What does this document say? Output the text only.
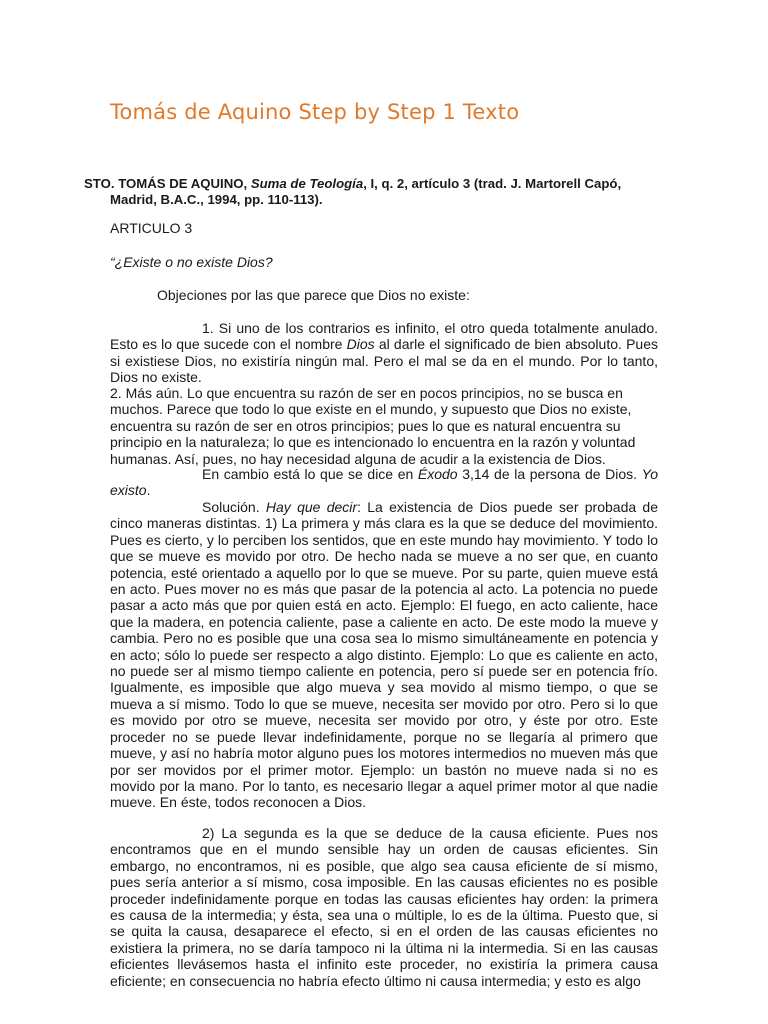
Tomás de Aquino Step by Step 1 Texto

STO. TOMÁS DE AQUINO, Suma de Teología, I, q. 2, artículo 3 (trad. J. Martorell Capó,
Madrid, B.A.C., 1994, pp. 110-113).

ARTICULO 3

“¿Existe o no existe Dios?

Objeciones por las que parece que Dios no existe:

1. Si uno de los contrarios es infinito, el otro queda totalmente anulado. Esto es lo que sucede con el nombre Dios al darle el significado de bien absoluto. Pues si existiese Dios, no existiría ningún mal. Pero el mal se da en el mundo. Por lo tanto, Dios no existe.

2. Más aún. Lo que encuentra su razón de ser en pocos principios, no se busca en muchos. Parece que todo lo que existe en el mundo, y supuesto que Dios no existe, encuentra su razón de ser en otros principios; pues lo que es natural encuentra su principio en la naturaleza; lo que es intencionado lo encuentra en la razón y voluntad humanas. Así, pues, no hay necesidad alguna de acudir a la existencia de Dios.

En cambio está lo que se dice en Éxodo 3,14 de la persona de Dios. Yo existo.

Solución. Hay que decir: La existencia de Dios puede ser probada de cinco maneras distintas. 1) La primera y más clara es la que se deduce del movimiento. Pues es cierto, y lo perciben los sentidos, que en este mundo hay movimiento. Y todo lo que se mueve es movido por otro. De hecho nada se mueve a no ser que, en cuanto potencia, esté orientado a aquello por lo que se mueve. Por su parte, quien mueve está en acto. Pues mover no es más que pasar de la potencia al acto. La potencia no puede pasar a acto más que por quien está en acto. Ejemplo: El fuego, en acto caliente, hace que la madera, en potencia caliente, pase a caliente en acto. De este modo la mueve y cambia. Pero no es posible que una cosa sea lo mismo simultáneamente en potencia y en acto; sólo lo puede ser respecto a algo distinto. Ejemplo: Lo que es caliente en acto, no puede ser al mismo tiempo caliente en potencia, pero sí puede ser en potencia frío. Igualmente, es imposible que algo mueva y sea movido al mismo tiempo, o que se mueva a sí mismo. Todo lo que se mueve, necesita ser movido por otro. Pero si lo que es movido por otro se mueve, necesita ser movido por otro, y éste por otro. Este proceder no se puede llevar indefinidamente, porque no se llegaría al primero que mueve, y así no habría motor alguno pues los motores intermedios no mueven más que por ser movidos por el primer motor. Ejemplo: un bastón no mueve nada si no es movido por la mano. Por lo tanto, es necesario llegar a aquel primer motor al que nadie mueve. En éste, todos reconocen a Dios.

2) La segunda es la que se deduce de la causa eficiente. Pues nos encontramos que en el mundo sensible hay un orden de causas eficientes. Sin embargo, no encontramos, ni es posible, que algo sea causa eficiente de sí mismo, pues sería anterior a sí mismo, cosa imposible. En las causas eficientes no es posible proceder indefinidamente porque en todas las causas eficientes hay orden: la primera es causa de la intermedia; y ésta, sea una o múltiple, lo es de la última. Puesto que, si se quita la causa, desaparece el efecto, si en el orden de las causas eficientes no existiera la primera, no se daría tampoco ni la última ni la intermedia. Si en las causas eficientes llevásemos hasta el infinito este proceder, no existiría la primera causa eficiente; en consecuencia no habría efecto último ni causa intermedia; y esto es algo
